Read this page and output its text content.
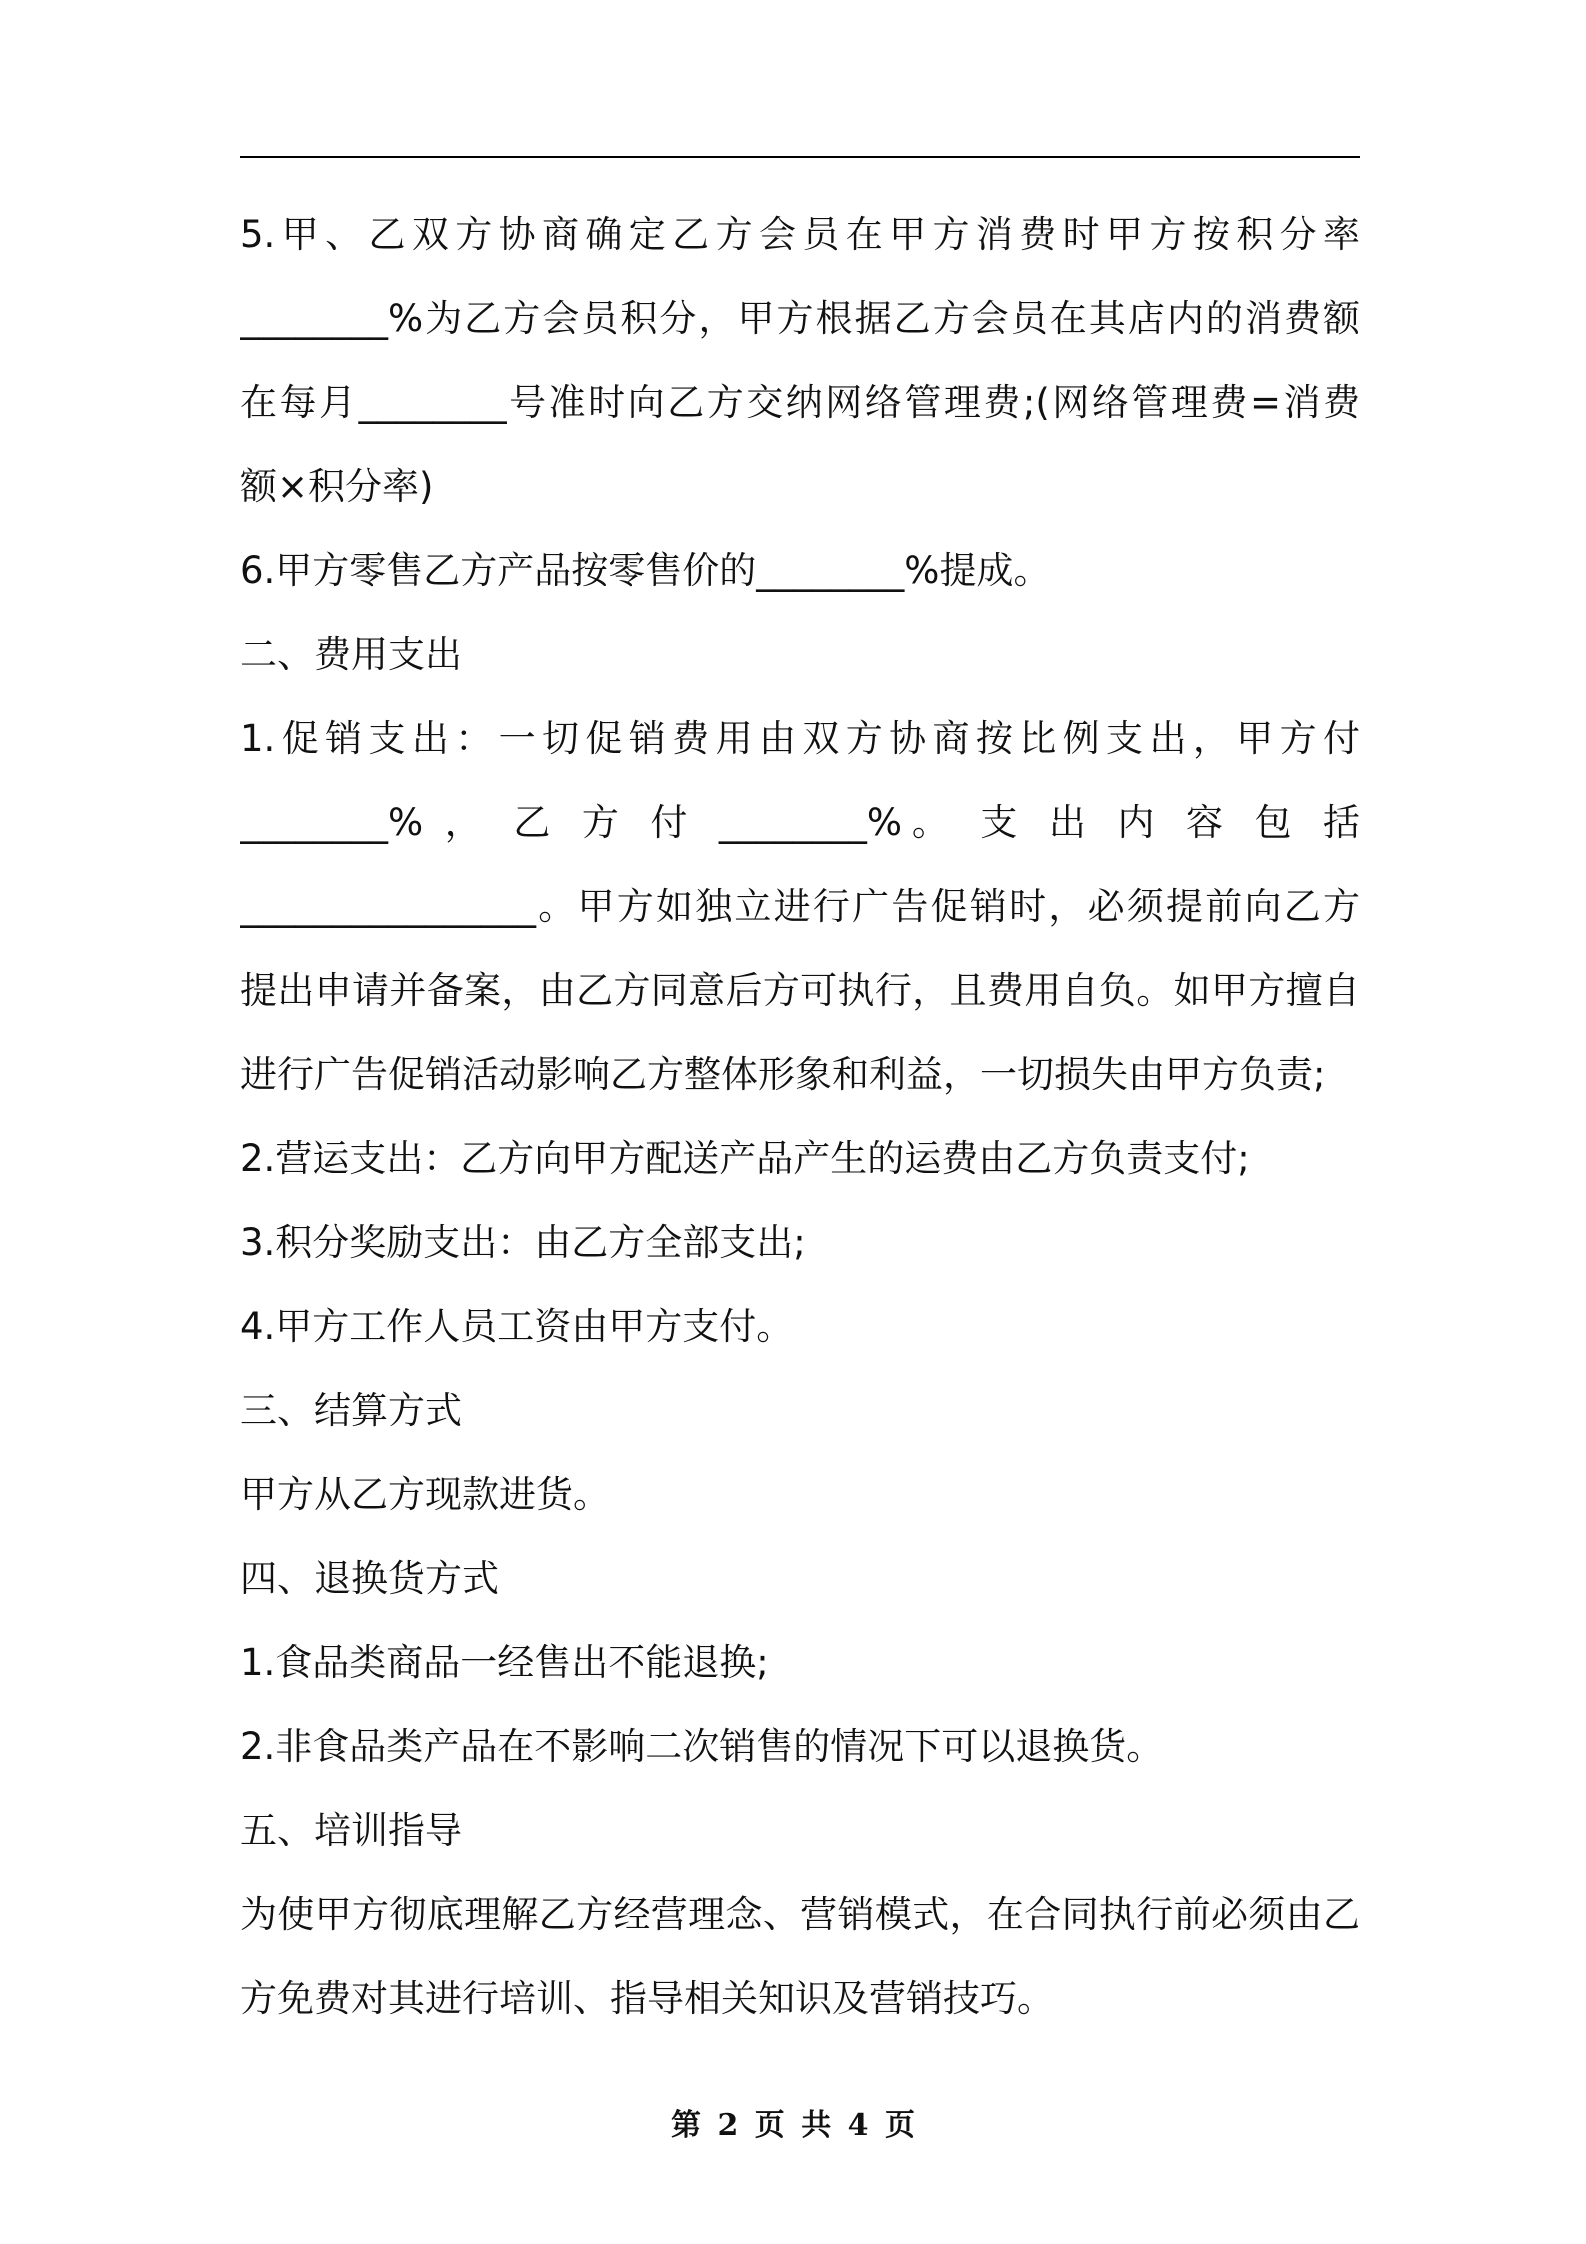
5.甲、乙双方协商确定乙方会员在甲方消费时甲方按积分率
________%为乙方会员积分，甲方根据乙方会员在其店内的消费额
在每月________号准时向乙方交纳网络管理费;(网络管理费=消费
额×积分率)
6.甲方零售乙方产品按零售价的________%提成。
二、费用支出
1.促销支出：一切促销费用由双方协商按比例支出，甲方付
________% ， 乙 方 付 ________%。 支 出 内 容 包 括
________________。甲方如独立进行广告促销时，必须提前向乙方
提出申请并备案，由乙方同意后方可执行，且费用自负。如甲方擅自
进行广告促销活动影响乙方整体形象和利益，一切损失由甲方负责;
2.营运支出：乙方向甲方配送产品产生的运费由乙方负责支付;
3.积分奖励支出：由乙方全部支出;
4.甲方工作人员工资由甲方支付。
三、结算方式
甲方从乙方现款进货。
四、退换货方式
1.食品类商品一经售出不能退换;
2.非食品类产品在不影响二次销售的情况下可以退换货。
五、培训指导
为使甲方彻底理解乙方经营理念、营销模式，在合同执行前必须由乙
方免费对其进行培训、指导相关知识及营销技巧。
第 2 页 共 4 页
